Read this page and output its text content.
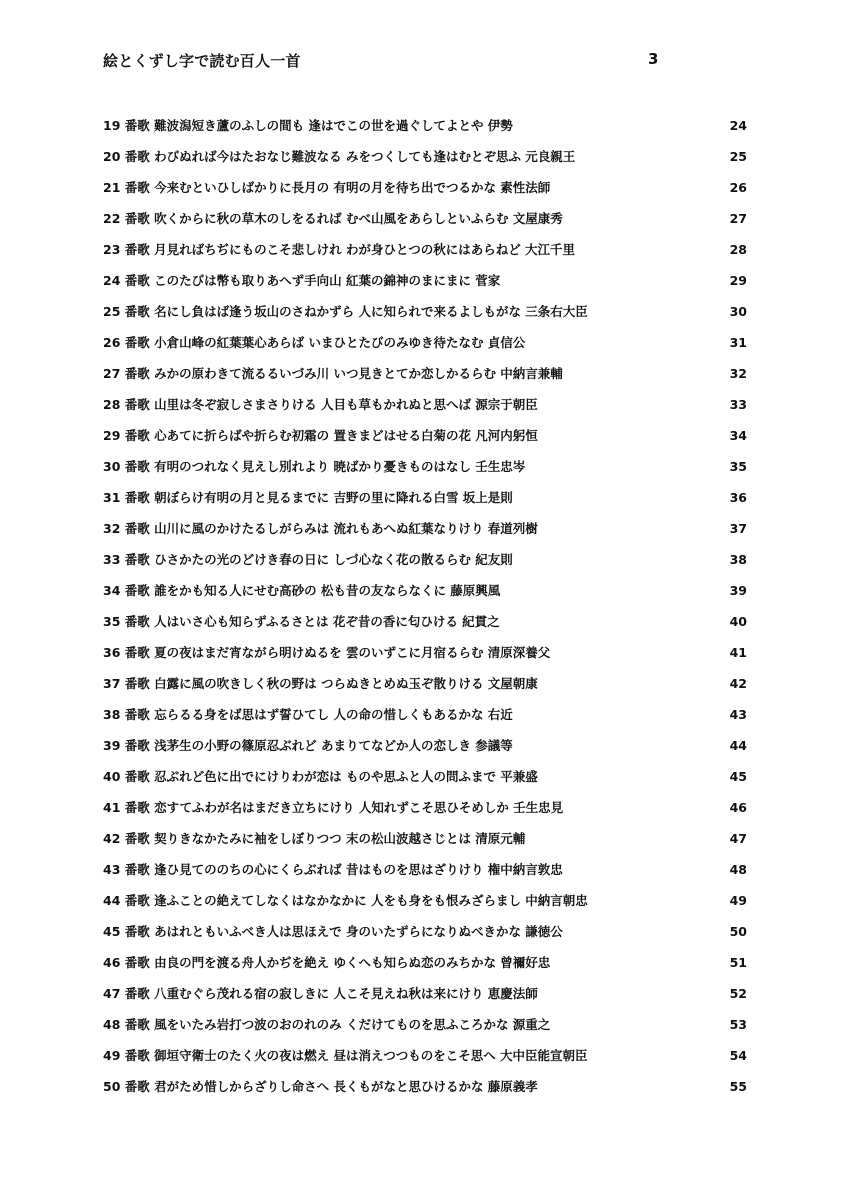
絵とくずし字で読む百人一首	3
19 番歌 難波潟短き蘆のふしの間も 逢はでこの世を過ぐしてよとや 伊勢	24
20 番歌 わびぬれば今はたおなじ難波なる みをつくしても逢はむとぞ思ふ 元良親王	25
21 番歌 今来むといひしばかりに長月の 有明の月を待ち出でつるかな 素性法師	26
22 番歌 吹くからに秋の草木のしをるれば むべ山風をあらしといふらむ 文屋康秀	27
23 番歌 月見ればちぢにものこそ悲しけれ わが身ひとつの秋にはあらねど 大江千里	28
24 番歌 このたびは幣も取りあへず手向山 紅葉の錦神のまにまに 菅家	29
25 番歌 名にし負はば逢う坂山のさねかずら 人に知られで来るよしもがな 三条右大臣	30
26 番歌 小倉山峰の紅葉葉心あらば いまひとたびのみゆき待たなむ 貞信公	31
27 番歌 みかの原わきて流るるいづみ川 いつ見きとてか恋しかるらむ 中納言兼輔	32
28 番歌 山里は冬ぞ寂しさまさりける 人目も草もかれぬと思へば 源宗于朝臣	33
29 番歌 心あてに折らばや折らむ初霜の 置きまどはせる白菊の花 凡河内躬恒	34
30 番歌 有明のつれなく見えし別れより 暁ばかり憂きものはなし 壬生忠岑	35
31 番歌 朝ぼらけ有明の月と見るまでに 吉野の里に降れる白雪 坂上是則	36
32 番歌 山川に風のかけたるしがらみは 流れもあへぬ紅葉なりけり 春道列樹	37
33 番歌 ひさかたの光のどけき春の日に しづ心なく花の散るらむ 紀友則	38
34 番歌 誰をかも知る人にせむ高砂の 松も昔の友ならなくに 藤原興風	39
35 番歌 人はいさ心も知らずふるさとは 花ぞ昔の香に匂ひける 紀貫之	40
36 番歌 夏の夜はまだ宵ながら明けぬるを 雲のいずこに月宿るらむ 清原深養父	41
37 番歌 白露に風の吹きしく秋の野は つらぬきとめぬ玉ぞ散りける 文屋朝康	42
38 番歌 忘らるる身をば思はず誓ひてし 人の命の惜しくもあるかな 右近	43
39 番歌 浅茅生の小野の篠原忍ぶれど あまりてなどか人の恋しき 参議等	44
40 番歌 忍ぶれど色に出でにけりわが恋は ものや思ふと人の問ふまで 平兼盛	45
41 番歌 恋すてふわが名はまだき立ちにけり 人知れずこそ思ひそめしか 壬生忠見	46
42 番歌 契りきなかたみに袖をしぼりつつ 末の松山波越さじとは 清原元輔	47
43 番歌 逢ひ見てののちの心にくらぶれば 昔はものを思はざりけり 権中納言敦忠	48
44 番歌 逢ふことの絶えてしなくはなかなかに 人をも身をも恨みざらまし 中納言朝忠	49
45 番歌 あはれともいふべき人は思ほえで 身のいたずらになりぬべきかな 謙徳公	50
46 番歌 由良の門を渡る舟人かぢを絶え ゆくへも知らぬ恋のみちかな 曾禰好忠	51
47 番歌 八重むぐら茂れる宿の寂しきに 人こそ見えね秋は来にけり 恵慶法師	52
48 番歌 風をいたみ岩打つ波のおのれのみ くだけてものを思ふころかな 源重之	53
49 番歌 御垣守衛士のたく火の夜は燃え 昼は消えつつものをこそ思へ 大中臣能宣朝臣	54
50 番歌 君がため惜しからざりし命さへ 長くもがなと思ひけるかな 藤原義孝	55
